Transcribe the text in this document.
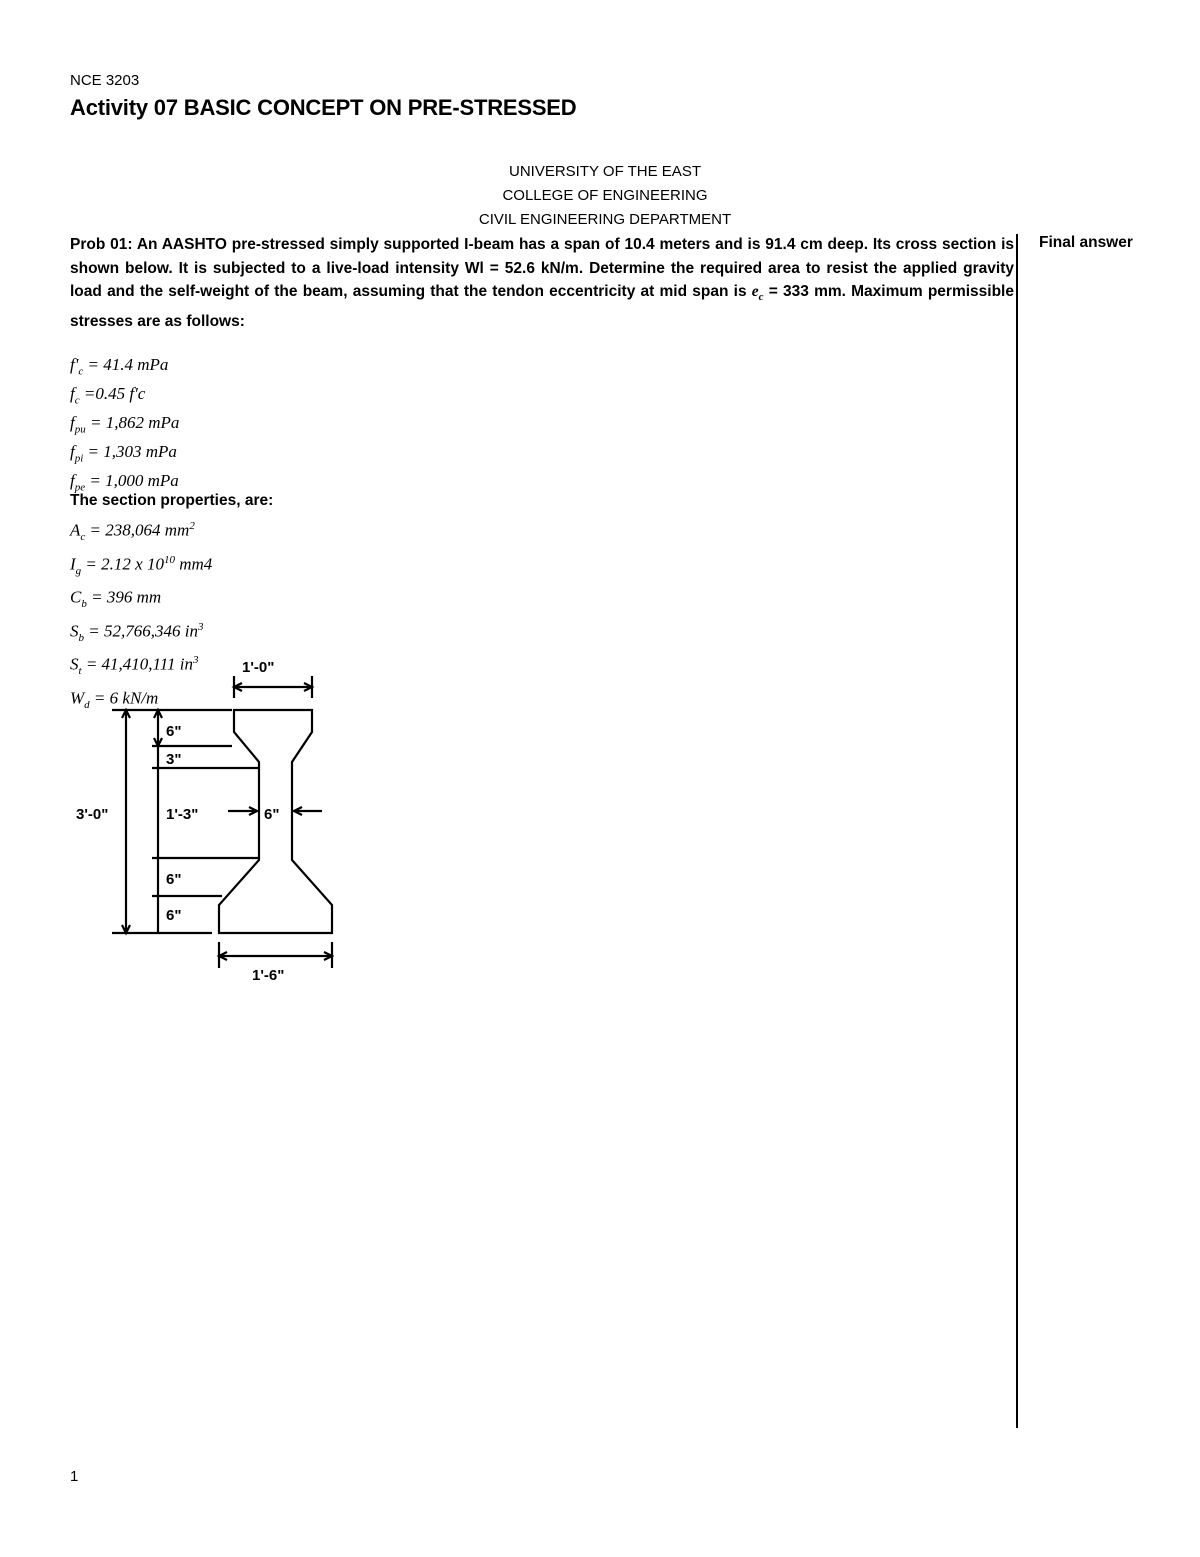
NCE 3203
Activity 07 BASIC CONCEPT ON PRE-STRESSED
UNIVERSITY OF THE EAST
COLLEGE OF ENGINEERING
CIVIL ENGINEERING DEPARTMENT
Prob 01: An AASHTO pre-stressed simply supported I-beam has a span of 10.4 meters and is 91.4 cm deep. Its cross section is shown below. It is subjected to a live-load intensity Wl = 52.6 kN/m. Determine the required area to resist the applied gravity load and the self-weight of the beam, assuming that the tendon eccentricity at mid span is $e_c = 333$ mm. Maximum permissible stresses are as follows:
Final answer
$f'_c = 41.4$ mPa
$f_c =0.45$ f'c
$f_{pu} = 1,862$ mPa
$f_{pi} = 1,303$ mPa
$f_{pe} = 1,000$ mPa
The section properties, are:
$A_c = 238,064$ $mm^2$
$I_g = 2.12$ x $10^{10}$ mm4
$C_b = 396$ mm
$S_b = 52,766,346$ $in^3$
$S_t = 41,410,111$ $in^3$
$W_d = 6$ kN/m
1'-0"
3'-0"
6"
3"
1'-3"
6"
6"
6"
1'-6"
1
